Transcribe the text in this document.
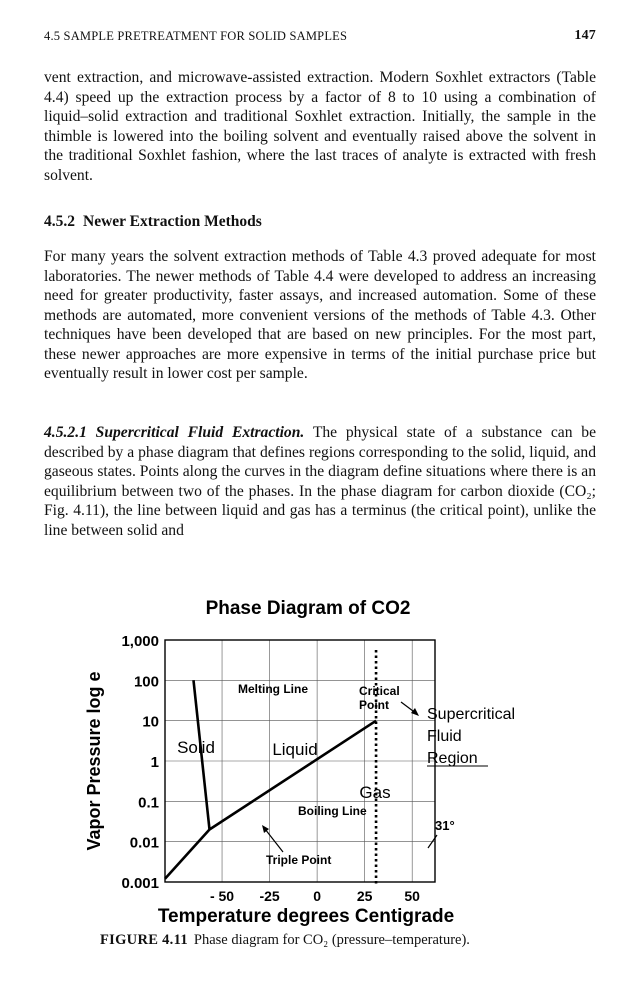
4.5 SAMPLE PRETREATMENT FOR SOLID SAMPLES	147

vent extraction, and microwave-assisted extraction. Modern Soxhlet extractors (Table 4.4) speed up the extraction process by a factor of 8 to 10 using a combination of liquid–solid extraction and traditional Soxhlet extraction. Initially, the sample in the thimble is lowered into the boiling solvent and eventually raised above the solvent in the traditional Soxhlet fashion, where the last traces of analyte is extracted with fresh solvent.

4.5.2 Newer Extraction Methods

For many years the solvent extraction methods of Table 4.3 proved adequate for most laboratories. The newer methods of Table 4.4 were developed to address an increasing need for greater productivity, faster assays, and increased automation. Some of these methods are automated, more convenient versions of the methods of Table 4.3. Other techniques have been developed that are based on new principles. For the most part, these newer approaches are more expensive in terms of the initial purchase price but eventually result in lower cost per sample.

4.5.2.1 Supercritical Fluid Extraction. The physical state of a substance can be described by a phase diagram that defines regions corresponding to the solid, liquid, and gaseous states. Points along the curves in the diagram define situations where there is an equilibrium between two of the phases. In the phase diagram for carbon dioxide (CO₂; Fig. 4.11), the line between liquid and gas has a terminus (the critical point), unlike the line between solid and

Phase Diagram of CO2
1,000
100
10
1
0.1
0.01
0.001
- 50 -25 0	25 50
Vapor Pressure log e
Temperature degrees Centigrade
Solid	Liquid
Gas
Supercritical
Fluid
Region
Melting Line	Critical
Point
Boiling Line
Triple Point
31°

FIGURE 4.11 Phase diagram for CO₂ (pressure–temperature).
